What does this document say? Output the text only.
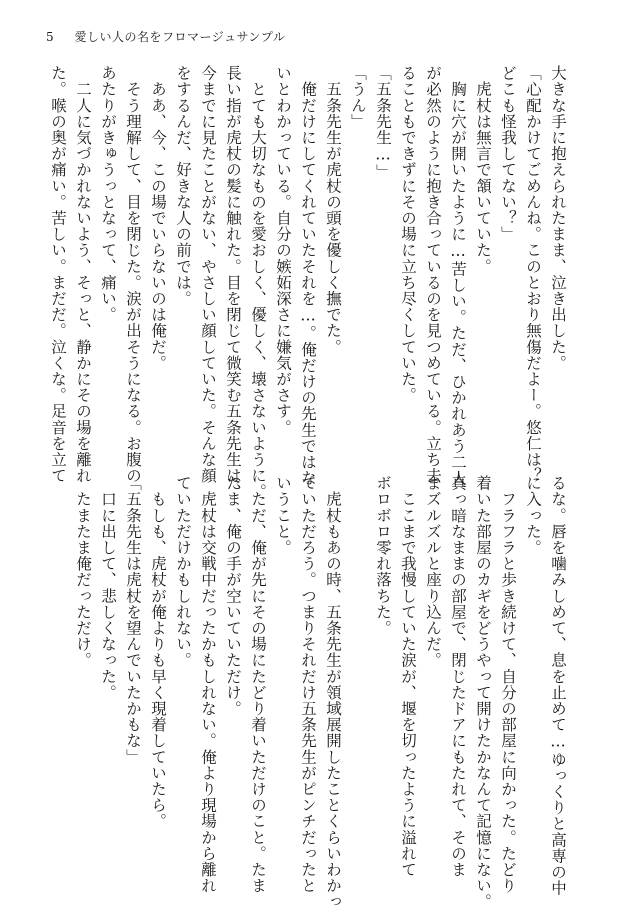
5 愛しい人の名をフロマージュサンプル

大きな手に抱えられたまま、泣き出した。

「心配かけてごめんね。このとおり無傷だよー。悠仁は？

どこも怪我してない？」

　虎杖は無言で頷いていた。

　胸に穴が開いたように…苦しい。ただ、ひかれあう二人

が必然のように抱き合っているのを見つめている。立ち去

ることもできずにその場に立ち尽くしていた。

「五条先生…」

「うん」

　五条先生が虎杖の頭を優しく撫でた。

　俺だけにしてくれていたそれを…。俺だけの先生ではな

いとわかっている。自分の嫉妬深さに嫌気がさす。

　とても大切なものを愛おしく、優しく、壊さないように。

長い指が虎杖の髪に触れた。目を閉じて微笑む五条先生は、

今までに見たことがない、やさしい顔していた。そんな顔

をするんだ、好きな人の前では。

　ああ、今、この場でいらないのは俺だ。

　そう理解して、目を閉じた。涙が出そうになる。お腹の

あたりがきゅうっとなって、痛い。

　二人に気づかれないよう、そっと、静かにその場を離れ

た。喉の奥が痛い。苦しい。まだだ。泣くな。足音を立て

るな。唇を噛みしめて、息を止めて…ゆっくりと高専の中

に入った。

　フラフラと歩き続けて、自分の部屋に向かった。たどり

着いた部屋のカギをどうやって開けたかなんて記憶にない。

真っ暗なままの部屋で、閉じたドアにもたれて、そのま

まズルズルと座り込んだ。

　ここまで我慢していた涙が、堰を切ったように溢れて

ボロボロ零れ落ちた。

　虎杖もあの時、五条先生が領域展開したことくらいわかっ

ていただろう。つまりそれだけ五条先生がピンチだったと

いうこと。

　ただ、俺が先にその場にたどり着いただけのこと。たま

たま、俺の手が空いていただけ。

　虎杖は交戦中だったかもしれない。俺より現場から離れ

ていただけかもしれない。

　もしも、虎杖が俺よりも早く現着していたら。

「五条先生は虎杖を望んでいたかもな」

　口に出して、悲しくなった。

　たまたま俺だっただけ。
